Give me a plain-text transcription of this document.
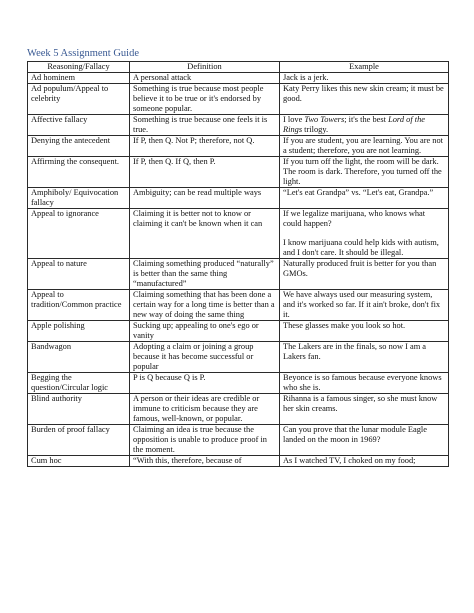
Week 5 Assignment Guide
Reasoning/Fallacy	Definition	Example
Ad hominem	A personal attack	Jack is a jerk.
Ad populum/Appeal to celebrity	Something is true because most people believe it to be true or it's endorsed by someone popular.	Katy Perry likes this new skin cream; it must be good.
Affective fallacy	Something is true because one feels it is true.	I love Two Towers; it's the best Lord of the Rings trilogy.
Denying the antecedent	If P, then Q. Not P; therefore, not Q.	If you are student, you are learning. You are not a student; therefore, you are not learning.
Affirming the consequent.	If P, then Q. If Q, then P.	If you turn off the light, the room will be dark. The room is dark. Therefore, you turned off the light.
Amphiboly/ Equivocation fallacy	Ambiguity; can be read multiple ways	“Let's eat Grandpa” vs. “Let's eat, Grandpa.”
Appeal to ignorance	Claiming it is better not to know or claiming it can't be known when it can	If we legalize marijuana, who knows what could happen?

I know marijuana could help kids with autism, and I don't care. It should be illegal.

Appeal to nature	Claiming something produced “naturally” is better than the same thing “manufactured”	Naturally produced fruit is better for you than GMOs.
Appeal to tradition/Common practice	Claiming something that has been done a certain way for a long time is better than a new way of doing the same thing	We have always used our measuring system, and it's worked so far. If it ain't broke, don't fix it.
Apple polishing	Sucking up; appealing to one's ego or vanity	These glasses make you look so hot.
Bandwagon	Adopting a claim or joining a group because it has become successful or popular	The Lakers are in the finals, so now I am a Lakers fan.
Begging the question/Circular logic	P is Q because Q is P.	Beyonce is so famous because everyone knows who she is.
Blind authority	A person or their ideas are credible or immune to criticism because they are famous, well-known, or popular.	Rihanna is a famous singer, so she must know her skin creams.
Burden of proof fallacy	Claiming an idea is true because the opposition is unable to produce proof in the moment.	Can you prove that the lunar module Eagle landed on the moon in 1969?
Cum hoc	“With this, therefore, because of	As I watched TV, I choked on my food;
